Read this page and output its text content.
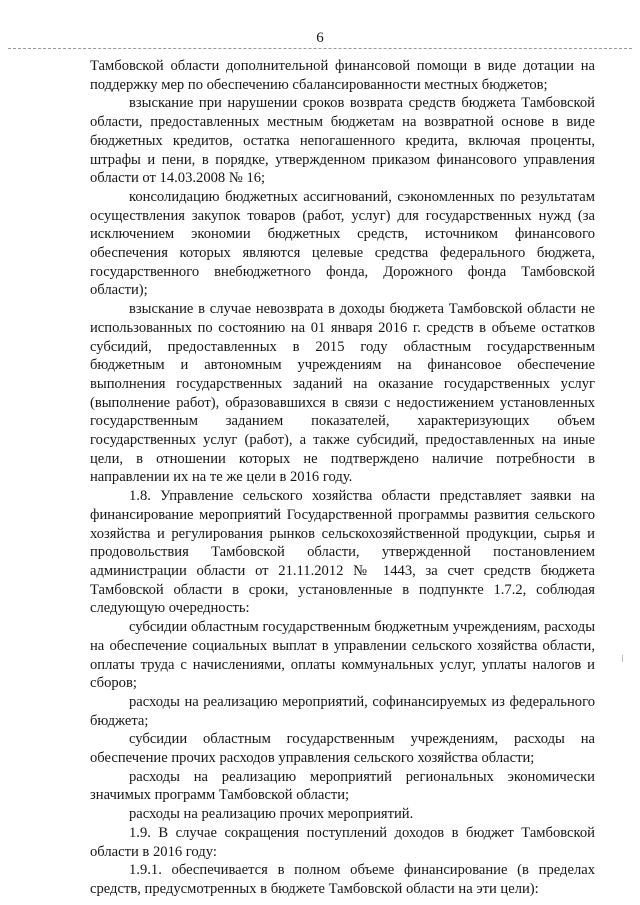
6

Тамбовской области дополнительной финансовой помощи в виде дотации на поддержку мер по обеспечению сбалансированности местных бюджетов;

взыскание при нарушении сроков возврата средств бюджета Тамбовской области, предоставленных местным бюджетам на возвратной основе в виде бюджетных кредитов, остатка непогашенного кредита, включая проценты, штрафы и пени, в порядке, утвержденном приказом финансового управления области от 14.03.2008 № 16;

консолидацию бюджетных ассигнований, сэкономленных по результатам осуществления закупок товаров (работ, услуг) для государственных нужд (за исключением экономии бюджетных средств, источником финансового обеспечения которых являются целевые средства федерального бюджета, государственного внебюджетного фонда, Дорожного фонда Тамбовской области);

взыскание в случае невозврата в доходы бюджета Тамбовской области не использованных по состоянию на 01 января 2016 г. средств в объеме остатков субсидий, предоставленных в 2015 году областным государственным бюджетным и автономным учреждениям на финансовое обеспечение выполнения государственных заданий на оказание государственных услуг (выполнение работ), образовавшихся в связи с недостижением установленных государственным заданием показателей, характеризующих объем государственных услуг (работ), а также субсидий, предоставленных на иные цели, в отношении которых не подтверждено наличие потребности в направлении их на те же цели в 2016 году.

1.8. Управление сельского хозяйства области представляет заявки на финансирование мероприятий Государственной программы развития сельского хозяйства и регулирования рынков сельскохозяйственной продукции, сырья и продовольствия Тамбовской области, утвержденной постановлением администрации области от 21.11.2012 № 1443, за счет средств бюджета Тамбовской области в сроки, установленные в подпункте 1.7.2, соблюдая следующую очередность:

субсидии областным государственным бюджетным учреждениям, расходы на обеспечение социальных выплат в управлении сельского хозяйства области, оплаты труда с начислениями, оплаты коммунальных услуг, уплаты налогов и сборов;

расходы на реализацию мероприятий, софинансируемых из федерального бюджета;

субсидии областным государственным учреждениям, расходы на обеспечение прочих расходов управления сельского хозяйства области;

расходы на реализацию мероприятий региональных экономически значимых программ Тамбовской области;

расходы на реализацию прочих мероприятий.

1.9. В случае сокращения поступлений доходов в бюджет Тамбовской области в 2016 году:

1.9.1. обеспечивается в полном объеме финансирование (в пределах средств, предусмотренных в бюджете Тамбовской области на эти цели):
